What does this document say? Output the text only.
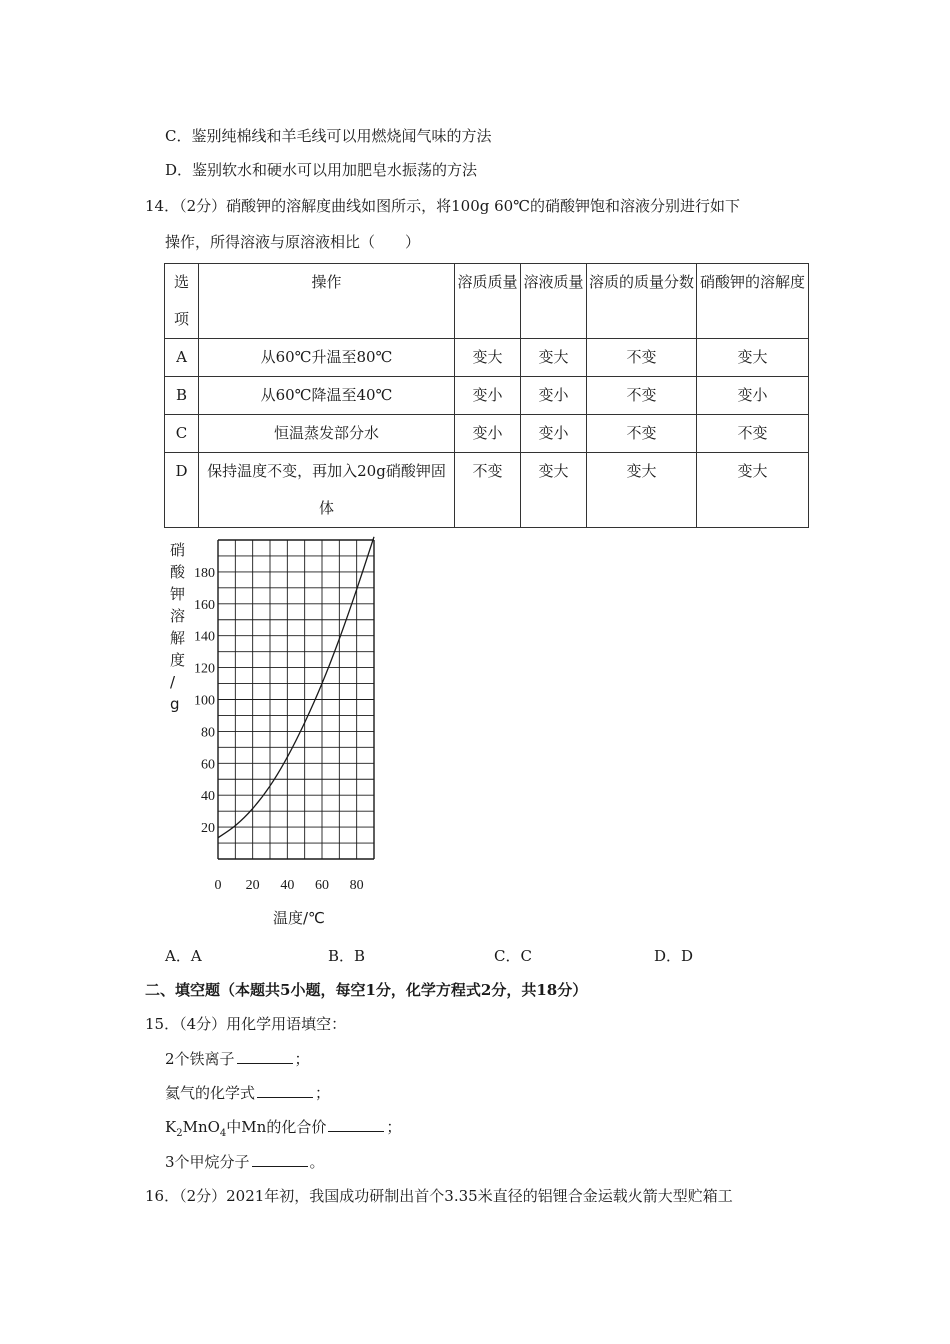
C．鉴别纯棉线和羊毛线可以用燃烧闻气味的方法
D．鉴别软水和硬水可以用加肥皂水振荡的方法
14．（2分）硝酸钾的溶解度曲线如图所示，将100g 60℃的硝酸钾饱和溶液分别进行如下
操作，所得溶液与原溶液相比（　　）
选项	操作	溶质质量	溶液质量	溶质的质量分数	硝酸钾的溶解度
A	从60℃升温至80℃	变大	变大	不变	变大
B	从60℃降温至40℃	变小	变小	不变	变小
C	恒温蒸发部分水	变小	变小	不变	不变
D	保持温度不变，再加入20g硝酸钾固体	不变	变大	变大	变大
硝酸钾溶解度/ g
20
40
60
80
100
120
140
160
180
0 20 40 60 80
温度/℃
A．A	B．B	C．C	D．D
二、填空题（本题共5小题，每空1分，化学方程式2分，共18分）
15．（4分）用化学用语填空：
2个铁离子	；
氦气的化学式	；
$K_2MnO_4$中Mn的化合价	；
3个甲烷分子	。
16．（2分）2021年初，我国成功研制出首个3.35米直径的铝锂合金运载火箭大型贮箱工
